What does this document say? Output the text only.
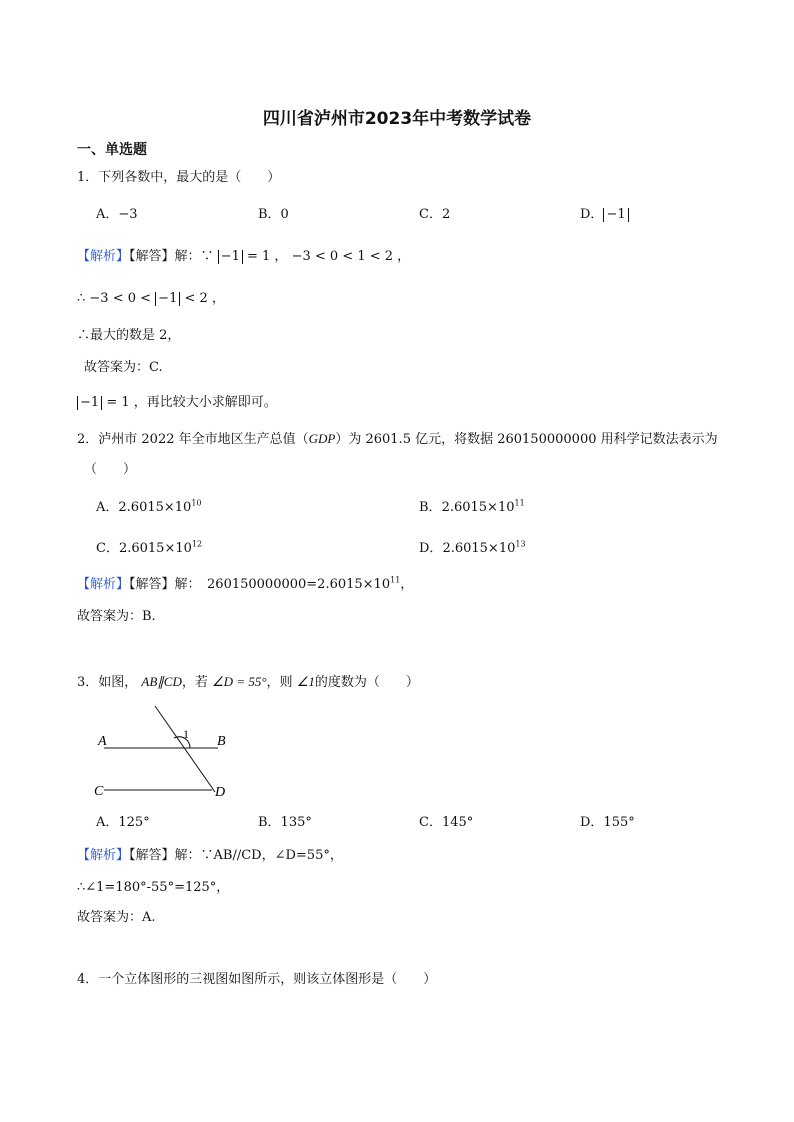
四川省泸州市2023年中考数学试卷
一、单选题
1．下列各数中，最大的是（　　）
A．−3	B．0	C．2	D． −1
【解析】【解答】解：∵ −1 = 1 ， −3 < 0 < 1 < 2 ，
∴ −3 < 0 < −1 < 2 ，
∴最大的数是 2，
故答案为：C.
−1 = 1 ，再比较大小求解即可。
2．泸州市 2022 年全市地区生产总值（GDP）为 2601.5 亿元，将数据 260150000000 用科学记数法表示为
（　　）
A．$2.6015\times 10^{10}$	B．$2.6015\times 10^{11}$
C．$2.6015\times 10^{12}$	D．$2.6015\times 10^{13}$
【解析】【解答】解：　$260150000000=2.6015\times 10^{11}$，
故答案为：B.
3．如图， AB∥CD，若 ∠D = 55°，则 ∠1的度数为（　　）
A	B
C	D
1
A．125°	B．135°	C．145°	D．155°
【解析】【解答】解：∵AB//CD，∠D=55°，
∴∠1=180°-55°=125°，
故答案为：A.
4．一个立体图形的三视图如图所示，则该立体图形是（　　）
